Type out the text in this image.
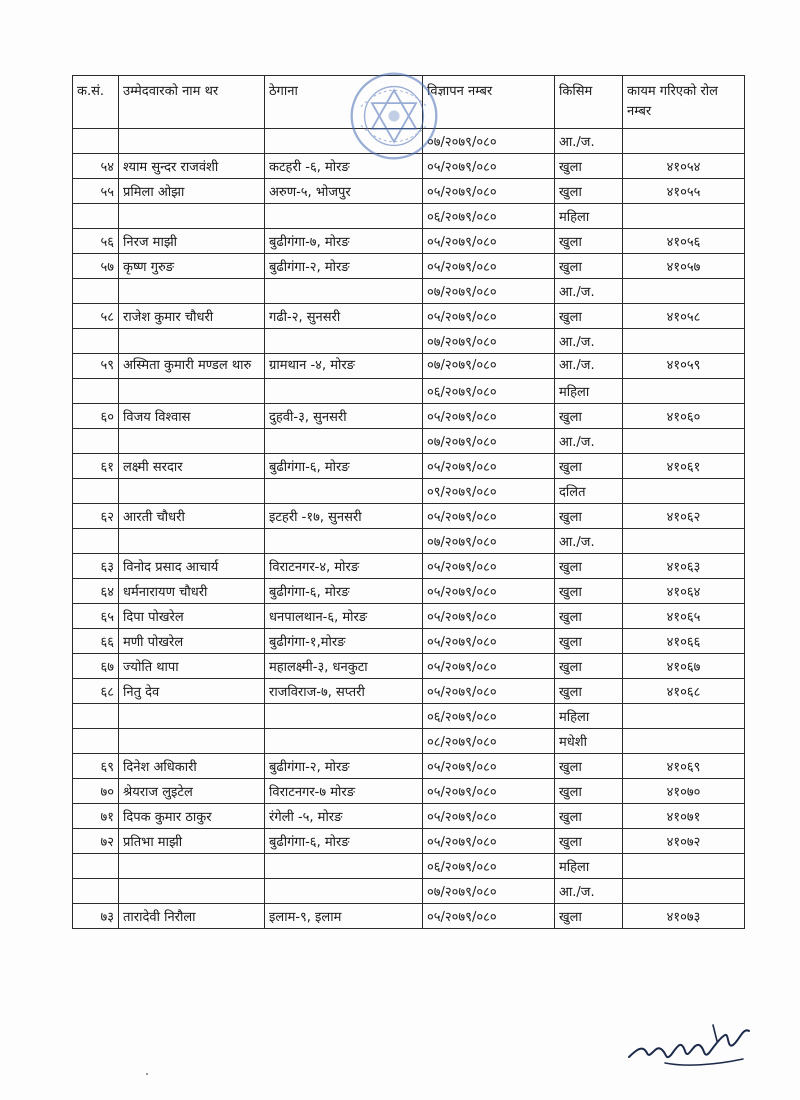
क.सं.	उम्मेदवारको नाम थर	ठेगाना	विज्ञापन नम्बर	किसिम	कायम गरिएको रोल नम्बर
			०७/२०७९/०८०	आ./ज.	
५४	श्याम सुन्दर राजवंशी	कटहरी -६, मोरङ	०५/२०७९/०८०	खुला	४१०५४
५५	प्रमिला ओझा	अरुण-५, भोजपुर	०५/२०७९/०८०	खुला	४१०५५
			०६/२०७९/०८०	महिला	
५६	निरज माझी	बुढीगंगा-७, मोरङ	०५/२०७९/०८०	खुला	४१०५६
५७	कृष्ण गुरुङ	बुढीगंगा-२, मोरङ	०५/२०७९/०८०	खुला	४१०५७
			०७/२०७९/०८०	आ./ज.	
५८	राजेश कुमार चौधरी	गढी-२, सुनसरी	०५/२०७९/०८०	खुला	४१०५८
			०७/२०७९/०८०	आ./ज.	
५९	अस्मिता कुमारी मण्डल थारु	ग्रामथान -४, मोरङ	०७/२०७९/०८०	आ./ज.	४१०५९
			०६/२०७९/०८०	महिला	
६०	विजय विश्वास	दुहवी-३, सुनसरी	०५/२०७९/०८०	खुला	४१०६०
			०७/२०७९/०८०	आ./ज.	
६१	लक्ष्मी सरदार	बुढीगंगा-६, मोरङ	०५/२०७९/०८०	खुला	४१०६१
			०९/२०७९/०८०	दलित	
६२	आरती चौधरी	इटहरी -१७, सुनसरी	०५/२०७९/०८०	खुला	४१०६२
			०७/२०७९/०८०	आ./ज.	
६३	विनोद प्रसाद आचार्य	विराटनगर-४, मोरङ	०५/२०७९/०८०	खुला	४१०६३
६४	धर्मनारायण चौधरी	बुढीगंगा-६, मोरङ	०५/२०७९/०८०	खुला	४१०६४
६५	दिपा पोखरेल	धनपालथान-६, मोरङ	०५/२०७९/०८०	खुला	४१०६५
६६	मणी पोखरेल	बुढीगंगा-१,मोरङ	०५/२०७९/०८०	खुला	४१०६६
६७	ज्योति थापा	महालक्ष्मी-३, धनकुटा	०५/२०७९/०८०	खुला	४१०६७
६८	नितु देव	राजविराज-७, सप्तरी	०५/२०७९/०८०	खुला	४१०६८
			०६/२०७९/०८०	महिला	
			०८/२०७९/०८०	मधेशी	
६९	दिनेश अधिकारी	बुढीगंगा-२, मोरङ	०५/२०७९/०८०	खुला	४१०६९
७०	श्रेयराज लुइटेल	विराटनगर-७ मोरङ	०५/२०७९/०८०	खुला	४१०७०
७१	दिपक कुमार ठाकुर	रंगेली -५, मोरङ	०५/२०७९/०८०	खुला	४१०७१
७२	प्रतिभा माझी	बुढीगंगा-६, मोरङ	०५/२०७९/०८०	खुला	४१०७२
			०६/२०७९/०८०	महिला	
			०७/२०७९/०८०	आ./ज.	
७३	तारादेवी निरौला	इलाम-९, इलाम	०५/२०७९/०८०	खुला	४१०७३
